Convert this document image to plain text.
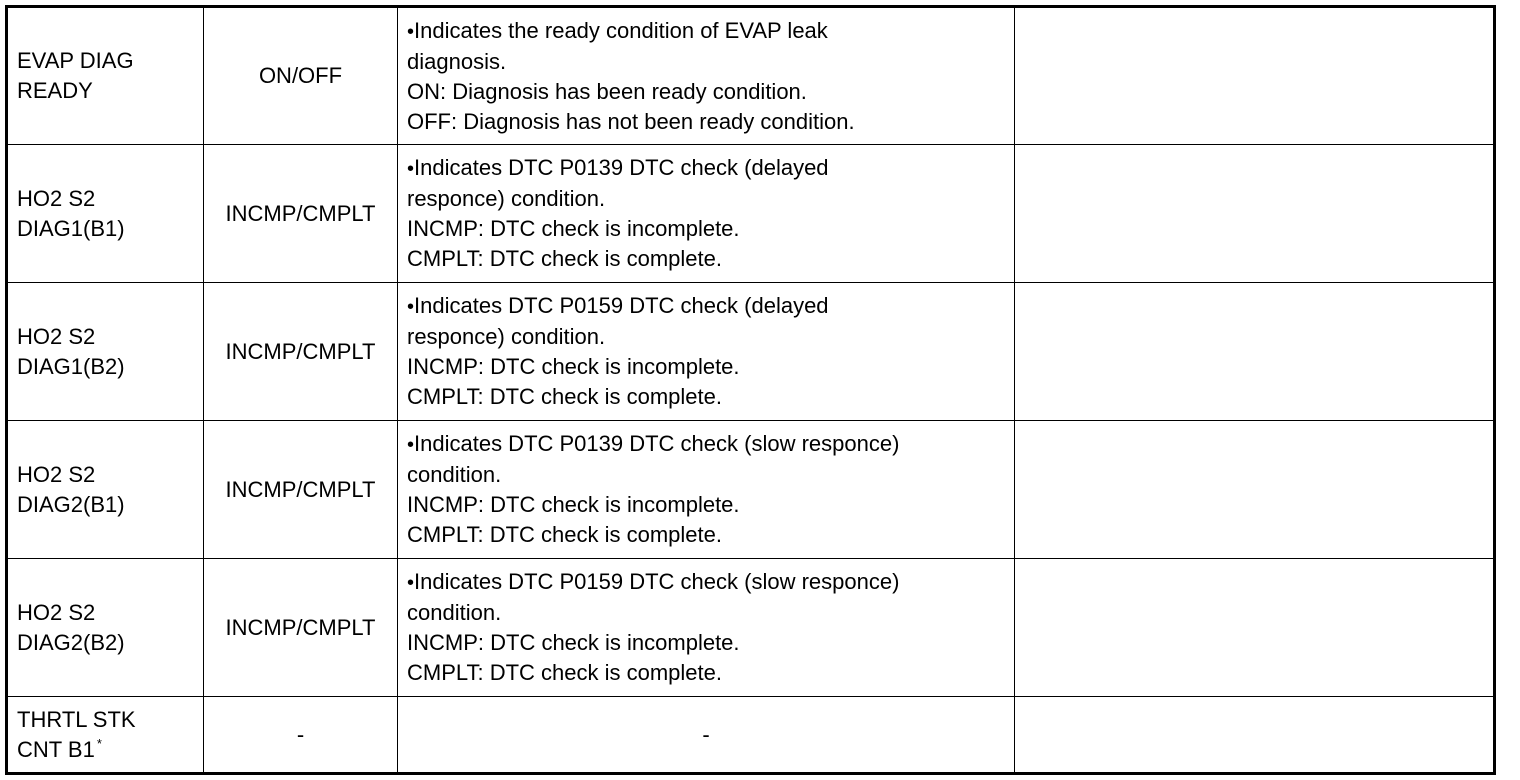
EVAP DIAG
READY	ON/OFF	•Indicates the ready condition of EVAP leak
diagnosis.
ON: Diagnosis has been ready condition.
OFF: Diagnosis has not been ready condition.	

HO2 S2
DIAG1(B1)	INCMP/CMPLT	•Indicates DTC P0139 DTC check (delayed
responce) condition.
INCMP: DTC check is incomplete.
CMPLT: DTC check is complete.	

HO2 S2
DIAG1(B2)	INCMP/CMPLT	•Indicates DTC P0159 DTC check (delayed
responce) condition.
INCMP: DTC check is incomplete.
CMPLT: DTC check is complete.	

HO2 S2
DIAG2(B1)	INCMP/CMPLT	•Indicates DTC P0139 DTC check (slow responce)
condition.
INCMP: DTC check is incomplete.
CMPLT: DTC check is complete.	

HO2 S2
DIAG2(B2)	INCMP/CMPLT	•Indicates DTC P0159 DTC check (slow responce)
condition.
INCMP: DTC check is incomplete.
CMPLT: DTC check is complete.	

THRTL STK
CNT B1 *	-	-	
